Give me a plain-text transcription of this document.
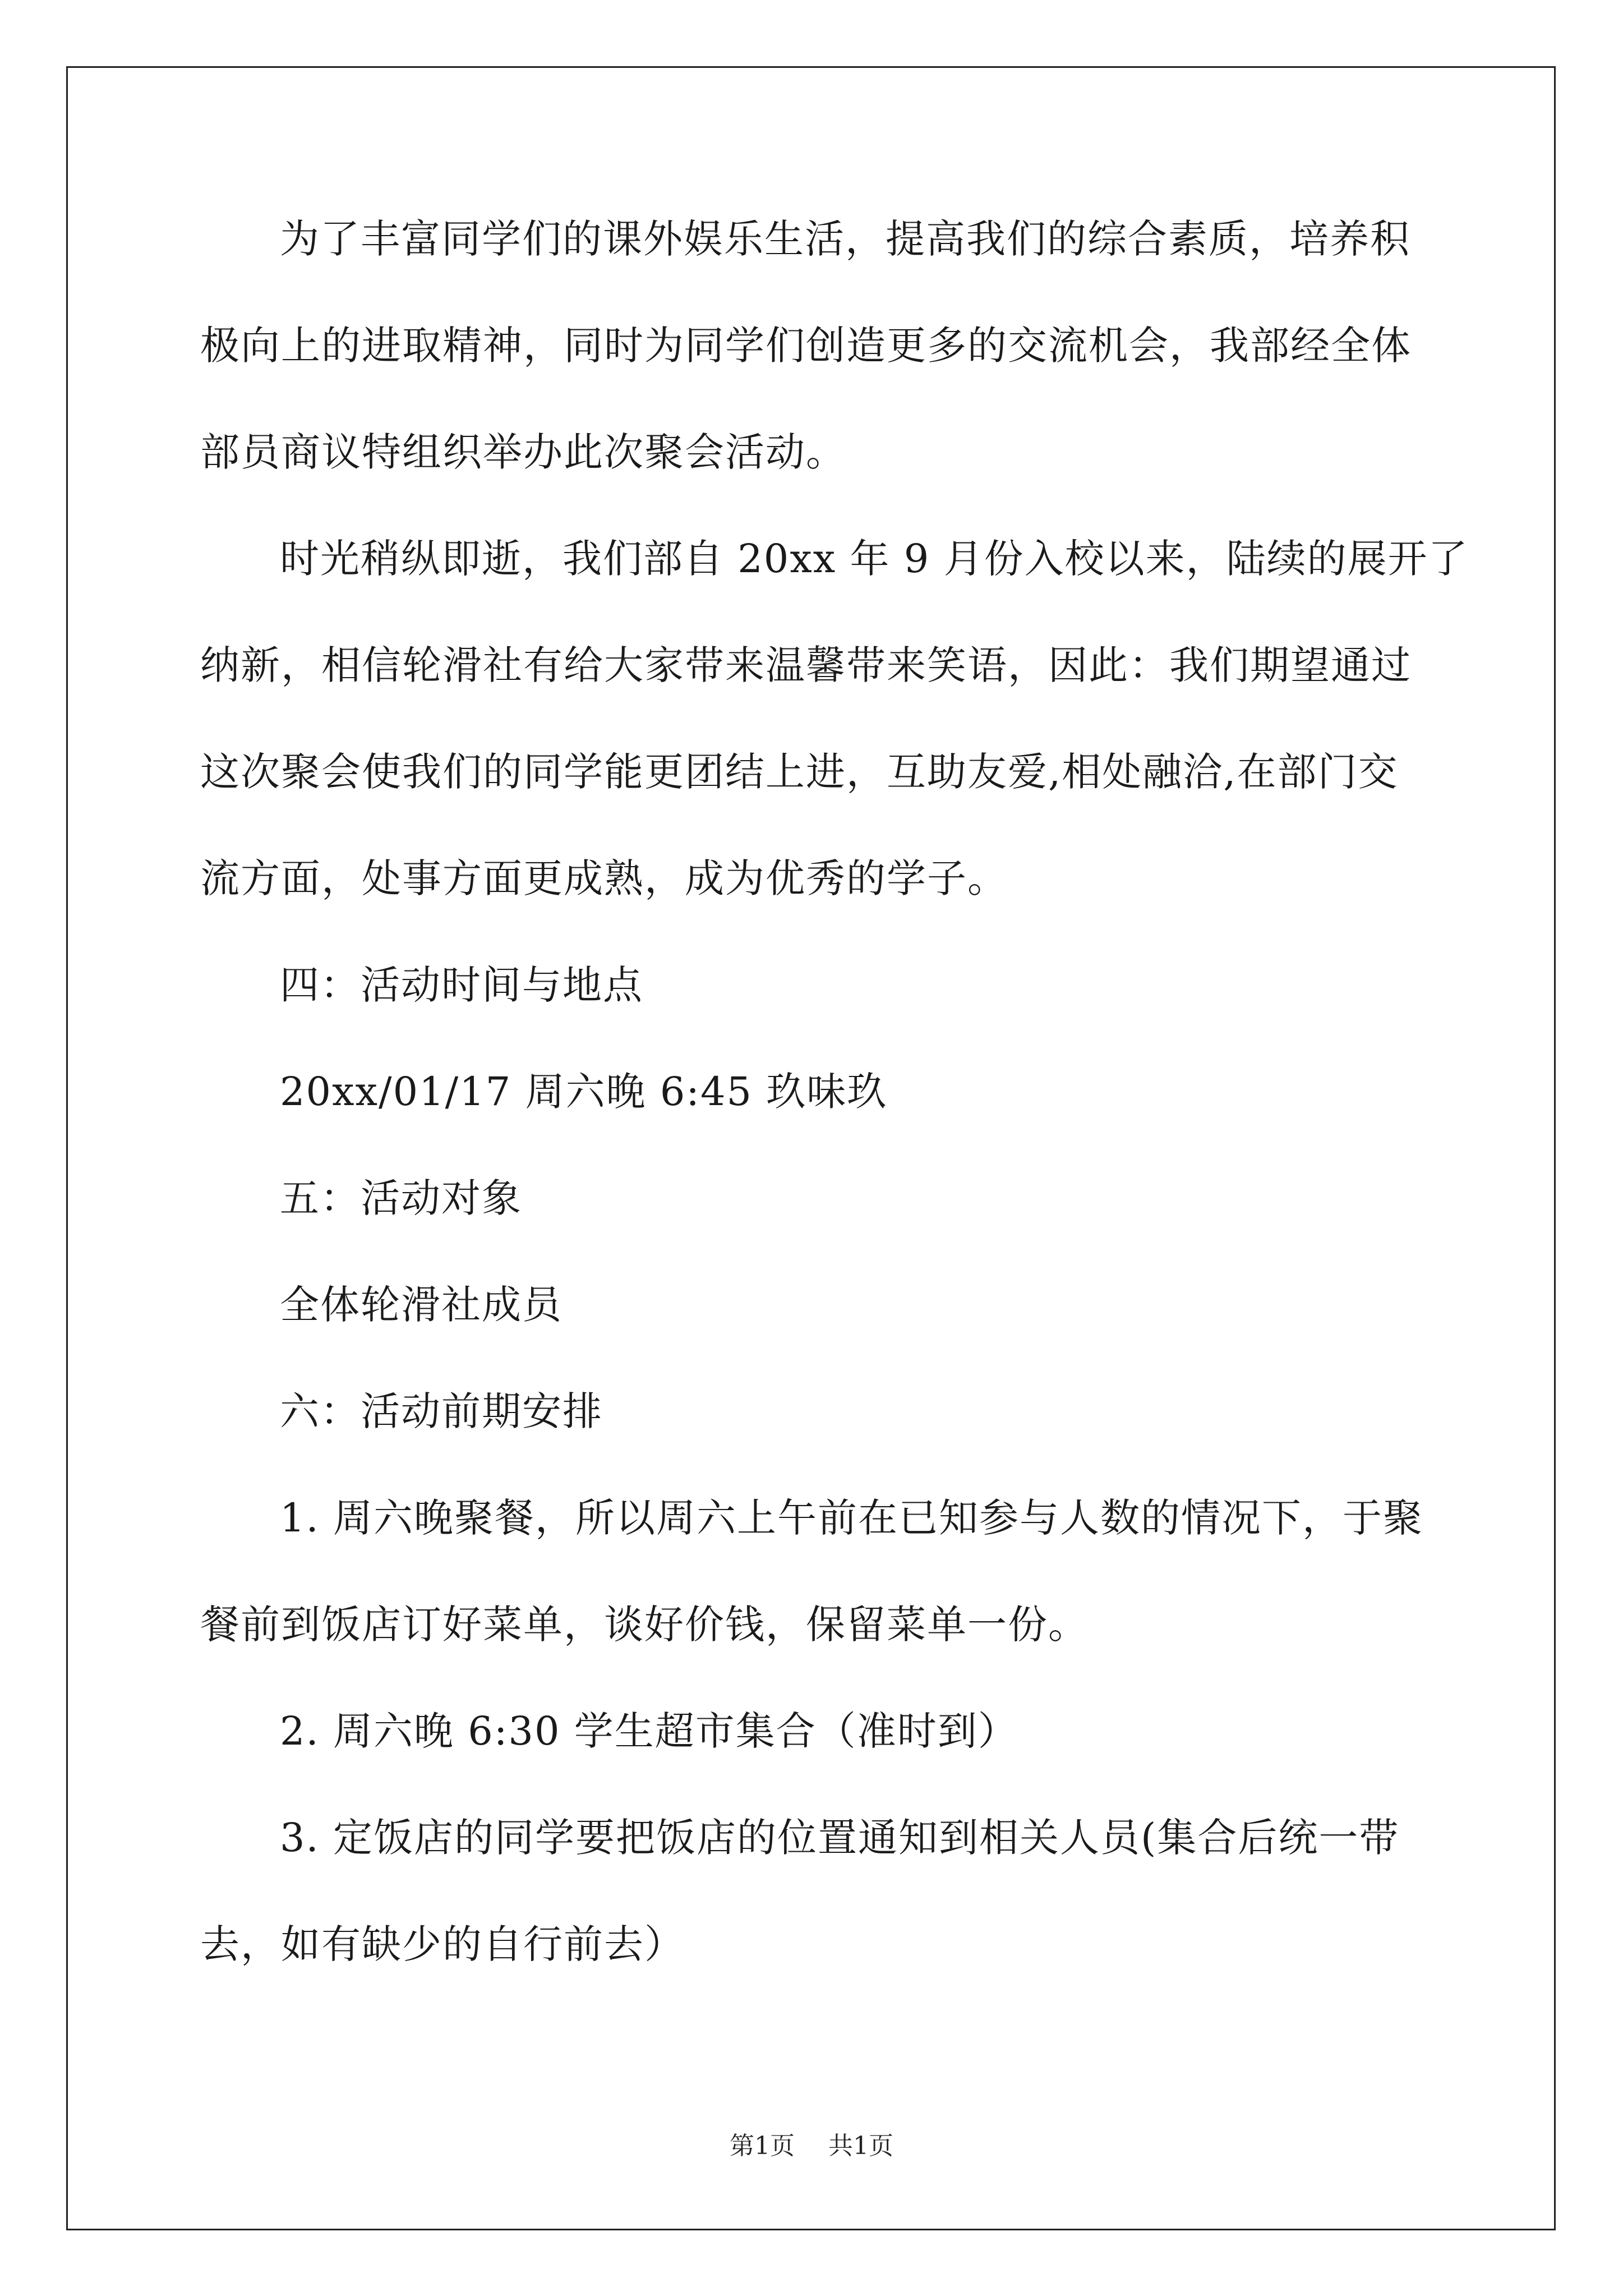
为了丰富同学们的课外娱乐生活，提高我们的综合素质，培养积
极向上的进取精神，同时为同学们创造更多的交流机会，我部经全体
部员商议特组织举办此次聚会活动。
时光稍纵即逝，我们部自 20xx 年 9 月份入校以来，陆续的展开了
纳新，相信轮滑社有给大家带来温馨带来笑语，因此：我们期望通过
这次聚会使我们的同学能更团结上进，互助友爱,相处融洽,在部门交
流方面，处事方面更成熟，成为优秀的学子。
四：活动时间与地点
20xx/01/17 周六晚 6:45 玖味玖
五：活动对象
全体轮滑社成员
六：活动前期安排
1. 周六晚聚餐，所以周六上午前在已知参与人数的情况下，于聚
餐前到饭店订好菜单，谈好价钱，保留菜单一份。
2. 周六晚 6:30 学生超市集合（准时到）
3. 定饭店的同学要把饭店的位置通知到相关人员(集合后统一带
去，如有缺少的自行前去）
第1页 共1页
